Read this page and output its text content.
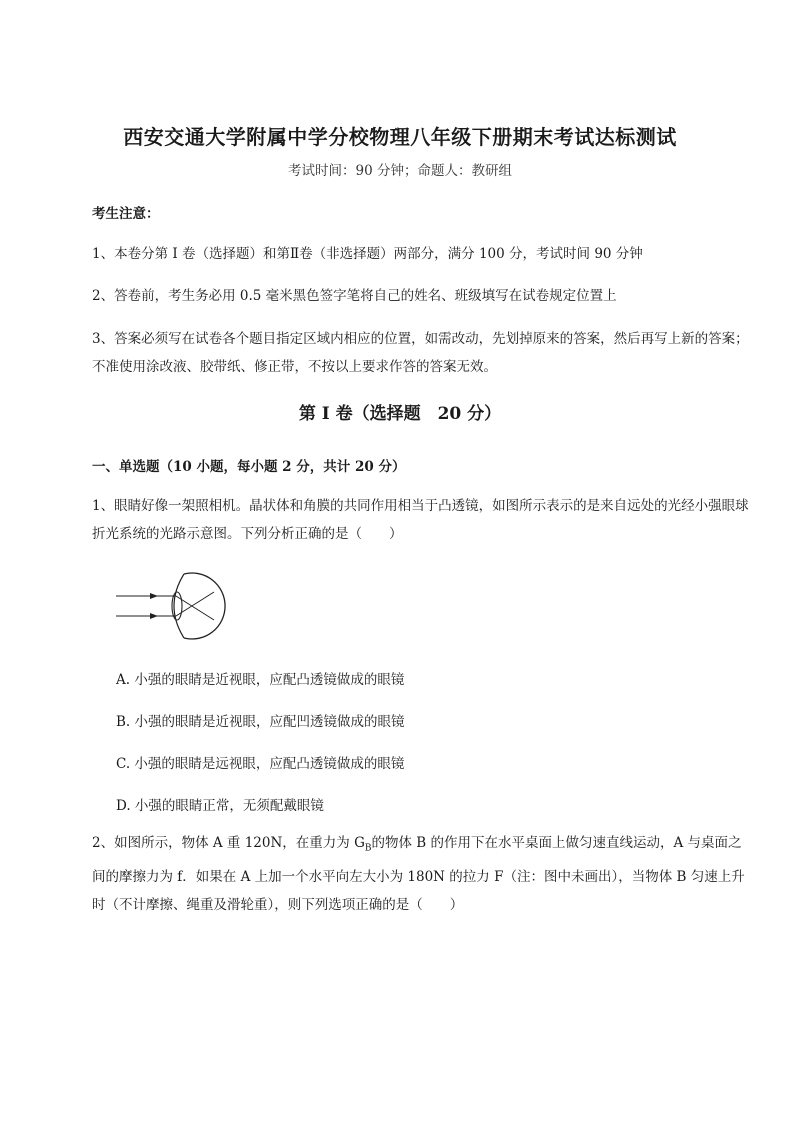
西安交通大学附属中学分校物理八年级下册期末考试达标测试
考试时间：90 分钟；命题人：教研组
考生注意：
1、本卷分第 I 卷（选择题）和第Ⅱ卷（非选择题）两部分，满分 100 分，考试时间 90 分钟
2、答卷前，考生务必用 0.5 毫米黑色签字笔将自己的姓名、班级填写在试卷规定位置上
3、答案必须写在试卷各个题目指定区域内相应的位置，如需改动，先划掉原来的答案，然后再写上新的答案；不准使用涂改液、胶带纸、修正带，不按以上要求作答的答案无效。
第 I 卷（选择题　20 分）
一、单选题（10 小题，每小题 2 分，共计 20 分）
1、眼睛好像一架照相机。晶状体和角膜的共同作用相当于凸透镜，如图所示表示的是来自远处的光经小强眼球折光系统的光路示意图。下列分析正确的是（　　）
A. 小强的眼睛是近视眼，应配凸透镜做成的眼镜
B. 小强的眼睛是近视眼，应配凹透镜做成的眼镜
C. 小强的眼睛是远视眼，应配凸透镜做成的眼镜
D. 小强的眼睛正常，无须配戴眼镜
2、如图所示，物体 A 重 120N，在重力为 $G_B$的物体 B 的作用下在水平桌面上做匀速直线运动，A 与桌面之间的摩擦力为 f．如果在 A 上加一个水平向左大小为 180N 的拉力 F（注：图中未画出），当物体 B 匀速上升时（不计摩擦、绳重及滑轮重），则下列选项正确的是（　　）
